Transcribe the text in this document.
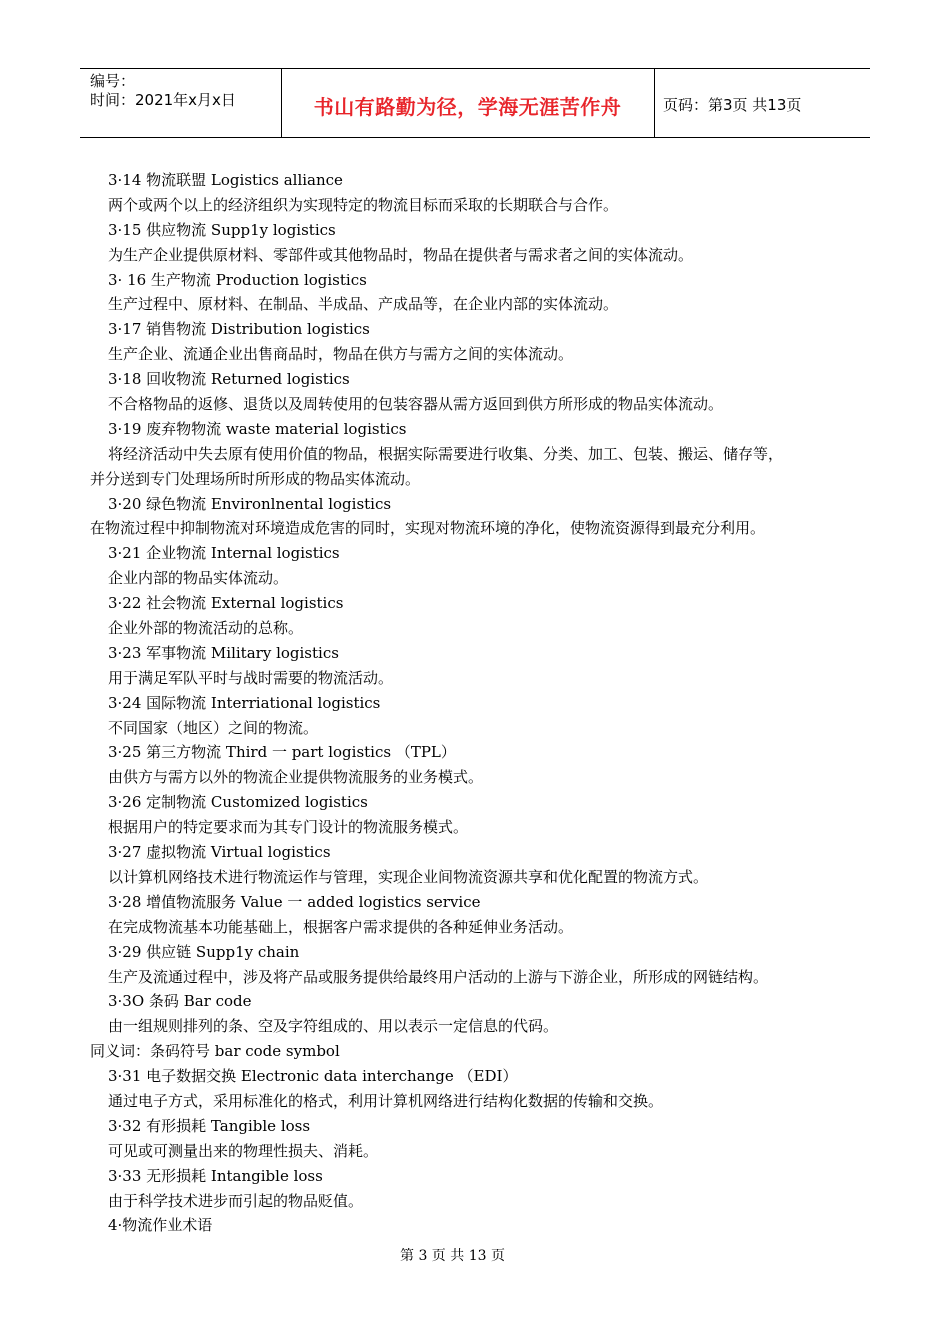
编号：
时间：2021年x月x日	书山有路勤为径，学海无涯苦作舟	页码：第3页 共13页
3·14 物流联盟 Logistics alliance
两个或两个以上的经济组织为实现特定的物流目标而采取的长期联合与合作。
3·15 供应物流 Supp1y logistics
为生产企业提供原材料、零部件或其他物品时，物品在提供者与需求者之间的实体流动。
3· 16 生产物流 Production logistics
生产过程中、原材料、在制品、半成品、产成品等，在企业内部的实体流动。
3·17 销售物流 Distribution logistics
生产企业、流通企业出售商品时，物品在供方与需方之间的实体流动。
3·18 回收物流 Returned logistics
不合格物品的返修、退货以及周转使用的包装容器从需方返回到供方所形成的物品实体流动。
3·19 废弃物物流 waste material logistics
将经济活动中失去原有使用价值的物品，根据实际需要进行收集、分类、加工、包装、搬运、储存等，
并分送到专门处理场所时所形成的物品实体流动。
3·20 绿色物流 Environlnental logistics
在物流过程中抑制物流对环境造成危害的同时，实现对物流环境的净化，使物流资源得到最充分利用。
3·21 企业物流 Internal logistics
企业内部的物品实体流动。
3·22 社会物流 External logistics
企业外部的物流活动的总称。
3·23 军事物流 Military logistics
用于满足军队平时与战时需要的物流活动。
3·24 国际物流 Interriational logistics
不同国家（地区）之间的物流。
3·25 第三方物流 Third 一 part logistics （TPL）
由供方与需方以外的物流企业提供物流服务的业务模式。
3·26 定制物流 Customized logistics
根据用户的特定要求而为其专门设计的物流服务模式。
3·27 虚拟物流 Virtual logistics
以计算机网络技术进行物流运作与管理，实现企业间物流资源共享和优化配置的物流方式。
3·28 增值物流服务 Value 一 added logistics service
在完成物流基本功能基础上，根据客户需求提供的各种延伸业务活动。
3·29 供应链 Supp1y chain
生产及流通过程中，涉及将产品或服务提供给最终用户活动的上游与下游企业，所形成的网链结构。
3·3O 条码 Bar code
由一组规则排列的条、空及字符组成的、用以表示一定信息的代码。
同义词：条码符号 bar code symbol
3·31 电子数据交换 Electronic data interchange （EDI）
通过电子方式，采用标准化的格式，利用计算机网络进行结构化数据的传输和交换。
3·32 有形损耗 Tangible loss
可见或可测量出来的物理性损夫、消耗。
3·33 无形损耗 Intangible loss
由于科学技术进步而引起的物品贬值。
4·物流作业术语
第 3 页 共 13 页
